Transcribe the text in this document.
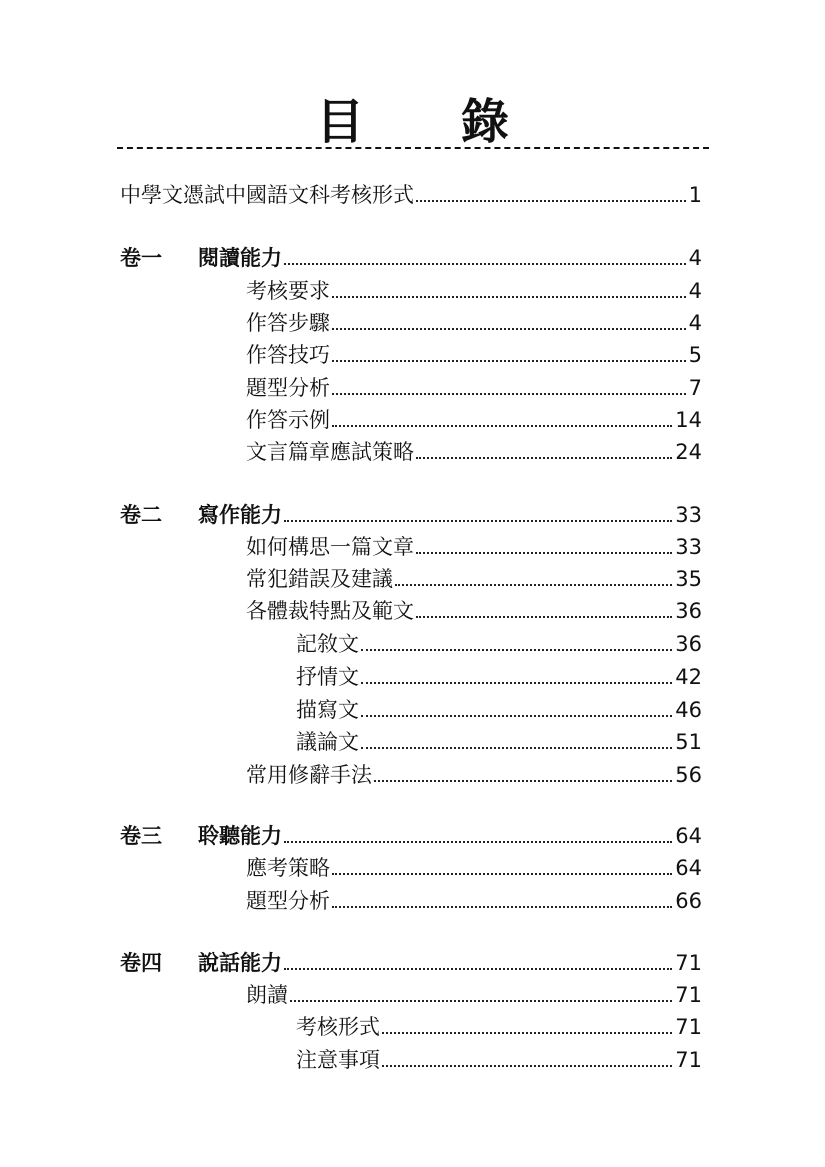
目 錄
中學文憑試中國語文科考核形式	1
卷一	閱讀能力	4
考核要求	4
作答步驟	4
作答技巧	5
題型分析	7
作答示例	14
文言篇章應試策略	24
卷二	寫作能力	33
如何構思一篇文章	33
常犯錯誤及建議	35
各體裁特點及範文	36
記敘文	36
抒情文	42
描寫文	46
議論文	51
常用修辭手法	56
卷三	聆聽能力	64
應考策略	64
題型分析	66
卷四	說話能力	71
朗讀	71
考核形式	71
注意事項	71
